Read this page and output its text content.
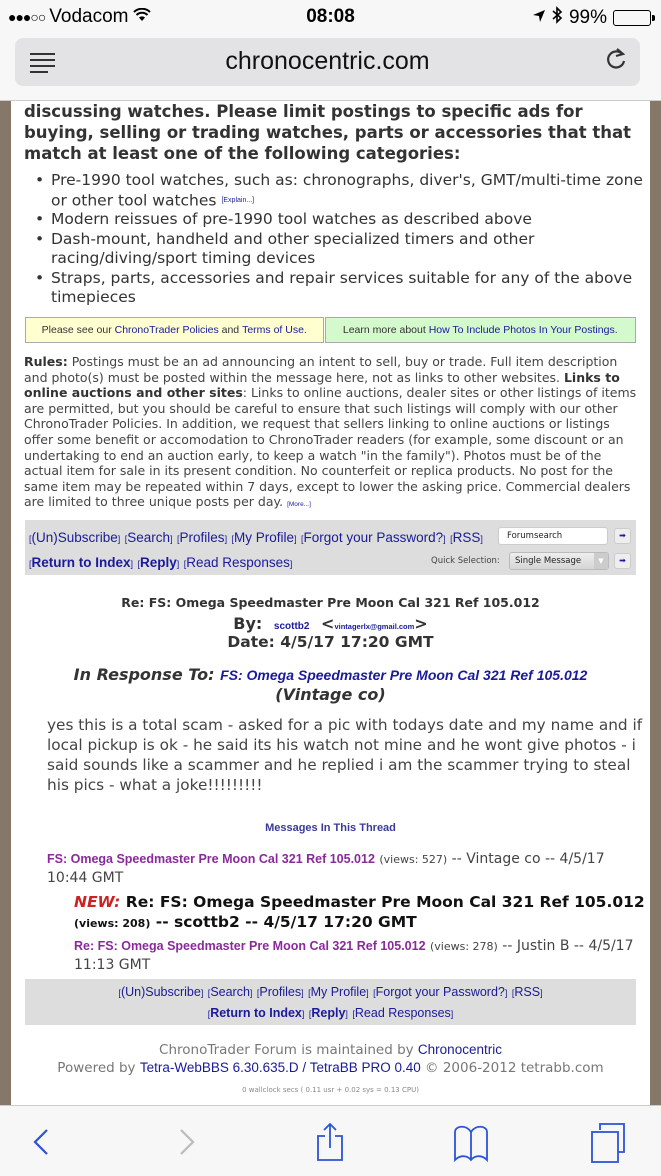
●●●○○ Vodacom	08:08	99%
chronocentric.com
discussing watches. Please limit postings to specific ads for buying, selling or trading watches, parts or accessories that that match at least one of the following categories:
• Pre-1990 tool watches, such as: chronographs, diver's, GMT/multi-time zone or other tool watches [Explain...]
• Modern reissues of pre-1990 tool watches as described above
• Dash-mount, handheld and other specialized timers and other racing/diving/sport timing devices
• Straps, parts, accessories and repair services suitable for any of the above timepieces
Please see our ChronoTrader Policies and Terms of Use .	Learn more about How To Include Photos In Your Postings .
Rules: Postings must be an ad announcing an intent to sell, buy or trade. Full item description and photo(s) must be posted within the message here, not as links to other websites. Links to online auctions and other sites: Links to online auctions, dealer sites or other listings of items are permitted, but you should be careful to ensure that such listings will comply with our other ChronoTrader Policies. In addition, we request that sellers linking to online auctions or listings offer some benefit or accomodation to ChronoTrader readers (for example, some discount or an undertaking to end an auction early, to keep a watch "in the family"). Photos must be of the actual item for sale in its present condition. No counterfeit or replica products. No post for the same item may be repeated within 7 days, except to lower the asking price. Commercial dealers are limited to three unique posts per day. [More...]
[(Un)Subscribe] [Search] [Profiles] [My Profile] [Forgot your Password?] [RSS]	Forumsearch	➡
[Return to Index] [Reply] [Read Responses]	Quick Selection:	Single Message	▼	➡
Re: FS: Omega Speedmaster Pre Moon Cal 321 Ref 105.012
By: scottb2 <vintagerlx@gmail.com>
Date: 4/5/17 17:20 GMT
In Response To: FS: Omega Speedmaster Pre Moon Cal 321 Ref 105.012
(Vintage co)
yes this is a total scam - asked for a pic with todays date and my name and if local pickup is ok - he said its his watch not mine and he wont give photos - i said sounds like a scammer and he replied i am the scammer trying to steal his pics - what a joke!!!!!!!!!
Messages In This Thread
FS: Omega Speedmaster Pre Moon Cal 321 Ref 105.012 (views: 527) -- Vintage co -- 4/5/17 10:44 GMT
NEW: Re: FS: Omega Speedmaster Pre Moon Cal 321 Ref 105.012 (views: 208) -- scottb2 -- 4/5/17 17:20 GMT
Re: FS: Omega Speedmaster Pre Moon Cal 321 Ref 105.012 (views: 278) -- Justin B -- 4/5/17 11:13 GMT
[(Un)Subscribe] [Search] [Profiles] [My Profile] [Forgot your Password?] [RSS]
[Return to Index] [Reply] [Read Responses]
ChronoTrader Forum is maintained by Chronocentric
Powered by Tetra-WebBBS 6.30.635.D / TetraBB PRO 0.40 © 2006-2012 tetrabb.com
0 wallclock secs ( 0.11 usr + 0.02 sys = 0.13 CPU)
